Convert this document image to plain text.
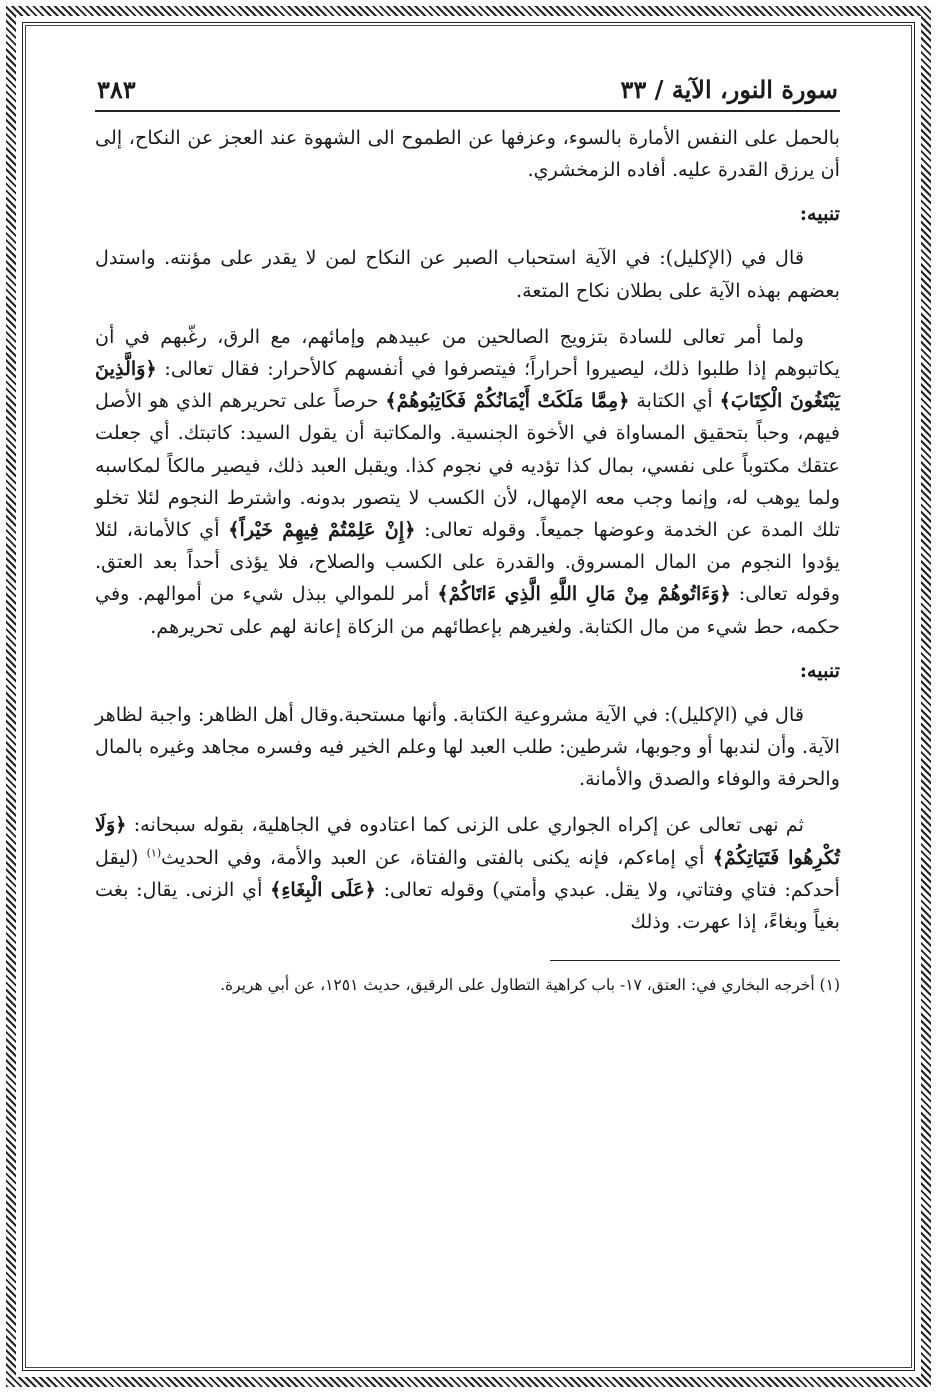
سورة النور، الآية / ٣٣
٣٨٣

بالحمل على النفس الأمارة بالسوء، وعزفها عن الطموح الى الشهوة عند العجز عن النكاح، إلى أن يرزق القدرة عليه. أفاده الزمخشري.

تنبيه:

قال في (الإكليل): في الآية استحباب الصبر عن النكاح لمن لا يقدر على مؤنته. واستدل بعضهم بهذه الآية على بطلان نكاح المتعة.

ولما أمر تعالى للسادة بتزويج الصالحين من عبيدهم وإمائهم، مع الرق، رغّبهم في أن يكاتبوهم إذا طلبوا ذلك، ليصيروا أحراراً؛ فيتصرفوا في أنفسهم كالأحرار: فقال تعالى: ﴿وَالَّذِينَ يَبْتَغُونَ الْكِتَابَ﴾ أي الكتابة ﴿مِمَّا مَلَكَتْ أَيْمَانُكُمْ فَكَاتِبُوهُمْ﴾ حرصاً على تحريرهم الذي هو الأصل فيهم، وحباً بتحقيق المساواة في الأخوة الجنسية. والمكاتبة أن يقول السيد: كاتبتك. أي جعلت عتقك مكتوباً على نفسي، بمال كذا تؤديه في نجوم كذا. ويقبل العبد ذلك، فيصير مالكاً لمكاسبه ولما يوهب له، وإنما وجب معه الإمهال، لأن الكسب لا يتصور بدونه. واشترط النجوم لئلا تخلو تلك المدة عن الخدمة وعوضها جميعاً. وقوله تعالى: ﴿إِنْ عَلِمْتُمْ فِيهِمْ خَيْراً﴾ أي كالأمانة، لئلا يؤدوا النجوم من المال المسروق. والقدرة على الكسب والصلاح، فلا يؤذى أحداً بعد العتق. وقوله تعالى: ﴿وَءَاتُوهُمْ مِنْ مَالِ اللَّهِ الَّذِي ءَاتَاكُمْ﴾ أمر للموالي ببذل شيء من أموالهم. وفي حكمه، حط شيء من مال الكتابة. ولغيرهم بإعطائهم من الزكاة إعانة لهم على تحريرهم.

تنبيه:

قال في (الإكليل): في الآية مشروعية الكتابة. وأنها مستحبة.وقال أهل الظاهر: واجبة لظاهر الآية. وأن لندبها أو وجوبها، شرطين: طلب العبد لها وعلم الخير فيه وفسره مجاهد وغيره بالمال والحرفة والوفاء والصدق والأمانة.

ثم نهى تعالى عن إكراه الجواري على الزنى كما اعتادوه في الجاهلية، بقوله سبحانه: ﴿وَلَا تُكْرِهُوا فَتَيَاتِكُمْ﴾ أي إماءكم، فإنه يكنى بالفتى والفتاة، عن العبد والأمة، وفي الحديث$^{(١)}$ (ليقل أحدكم: فتاي وفتاتي، ولا يقل. عبدي وأمتي) وقوله تعالى: ﴿عَلَى الْبِغَاءِ﴾ أي الزنى. يقال: بغت بغياً وبغاءً، إذا عهرت. وذلك

(١) أخرجه البخاري في: العتق، ١٧- باب كراهية التطاول على الرقيق، حديث ١٢٥١، عن أبي هريرة.
